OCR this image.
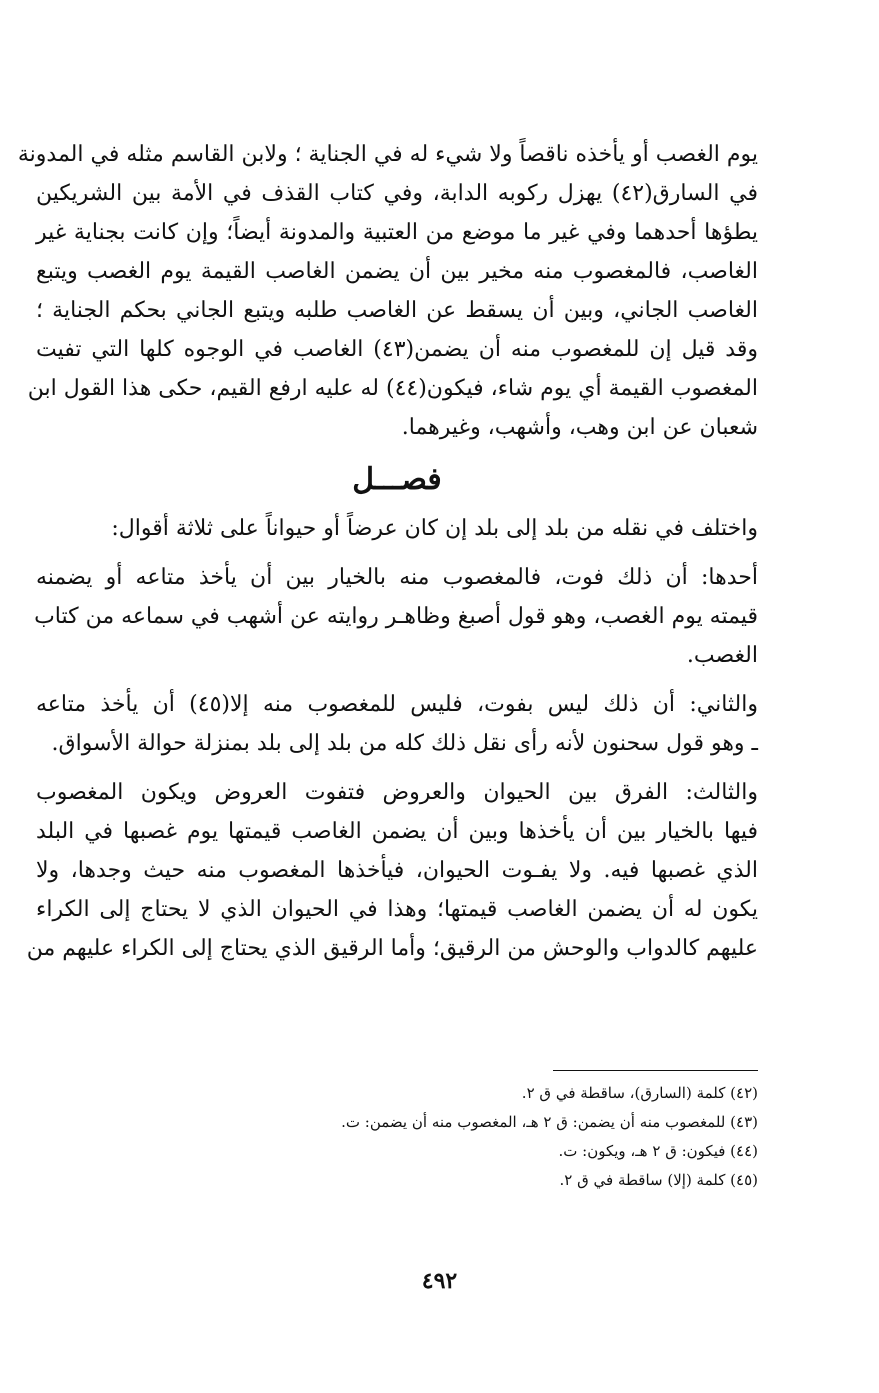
يوم الغصب أو يأخذه ناقصاً ولا شيء له في الجناية ؛ ولابن القاسم مثله في المدونة
في السارق(٤٢) يهزل ركوبه الدابة، وفي كتاب القذف في الأمة بين الشريكين
يطؤها أحدهما وفي غير ما موضع من العتبية والمدونة أيضاً؛ وإن كانت بجناية غير
الغاصب، فالمغصوب منه مخير بين أن يضمن الغاصب القيمة يوم الغصب ويتبع
الغاصب الجاني، وبين أن يسقط عن الغاصب طلبه ويتبع الجاني بحكم الجناية ؛
وقد قيل إن للمغصوب منه أن يضمن(٤٣) الغاصب في الوجوه كلها التي تفيت
المغصوب القيمة أي يوم شاء، فيكون(٤٤) له عليه ارفع القيم، حكى هذا القول ابن
شعبان عن ابن وهب، وأشهب، وغيرهما.
فصـــل
واختلف في نقله من بلد إلى بلد إن كان عرضاً أو حيواناً على ثلاثة أقوال:
أحدها: أن ذلك فوت، فالمغصوب منه بالخيار بين أن يأخذ متاعه أو يضمنه
قيمته يوم الغصب، وهو قول أصبغ وظاهـر روايته عن أشهب في سماعه من كتاب
الغصب.
والثاني: أن ذلك ليس بفوت، فليس للمغصوب منه إلا(٤٥) أن يأخذ متاعه
ـ وهو قول سحنون لأنه رأى نقل ذلك كله من بلد إلى بلد بمنزلة حوالة الأسواق.
والثالث: الفرق بين الحيوان والعروض فتفوت العروض ويكون المغصوب
فيها بالخيار بين أن يأخذها وبين أن يضمن الغاصب قيمتها يوم غصبها في البلد
الذي غصبها فيه. ولا يفـوت الحيوان، فيأخذها المغصوب منه حيث وجدها، ولا
يكون له أن يضمن الغاصب قيمتها؛ وهذا في الحيوان الذي لا يحتاج إلى الكراء
عليهم كالدواب والوحش من الرقيق؛ وأما الرقيق الذي يحتاج إلى الكراء عليهم من
(٤٢) كلمة (السارق)، ساقطة في ق ٢.
(٤٣) للمغصوب منه أن يضمن: ق ٢ هـ، المغصوب منه أن يضمن: ت.
(٤٤) فيكون: ق ٢ هـ، ويكون: ت.
(٤٥) كلمة (إلا) ساقطة في ق ٢.
٤٩٢
